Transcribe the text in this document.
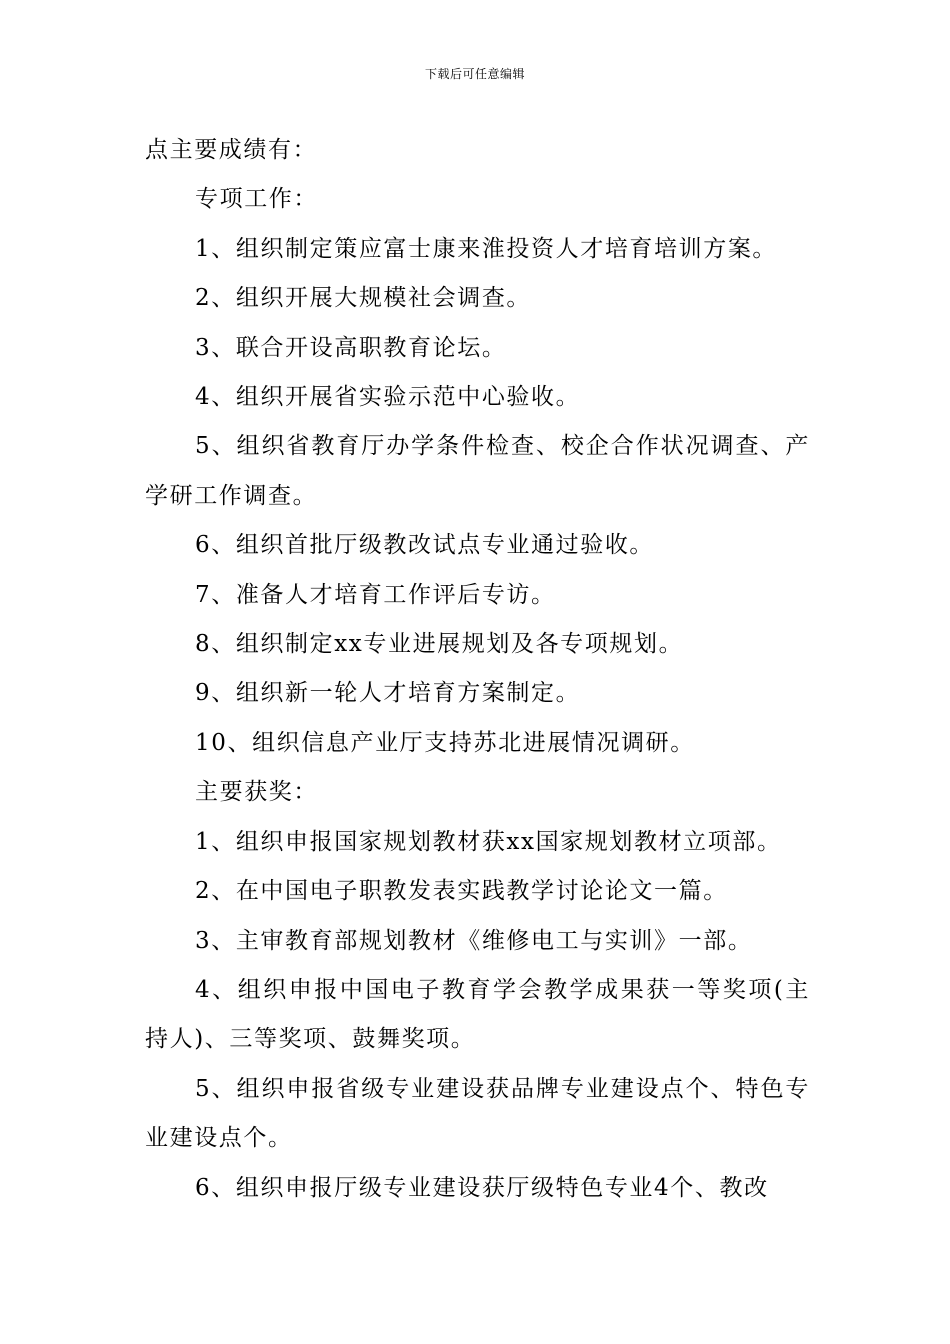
下载后可任意编辑

点主要成绩有：

专项工作：

1、组织制定策应富士康来淮投资人才培育培训方案。

2、组织开展大规模社会调查。

3、联合开设高职教育论坛。

4、组织开展省实验示范中心验收。

5、组织省教育厅办学条件检查、校企合作状况调查、产学研工作调查。

6、组织首批厅级教改试点专业通过验收。

7、准备人才培育工作评后专访。

8、组织制定xx专业进展规划及各专项规划。

9、组织新一轮人才培育方案制定。

10、组织信息产业厅支持苏北进展情况调研。

主要获奖：

1、组织申报国家规划教材获xx国家规划教材立项部。

2、在中国电子职教发表实践教学讨论论文一篇。

3、主审教育部规划教材《维修电工与实训》一部。

4、组织申报中国电子教育学会教学成果获一等奖项(主持人)、三等奖项、鼓舞奖项。

5、组织申报省级专业建设获品牌专业建设点个、特色专业建设点个。

6、组织申报厅级专业建设获厅级特色专业4个、教改
